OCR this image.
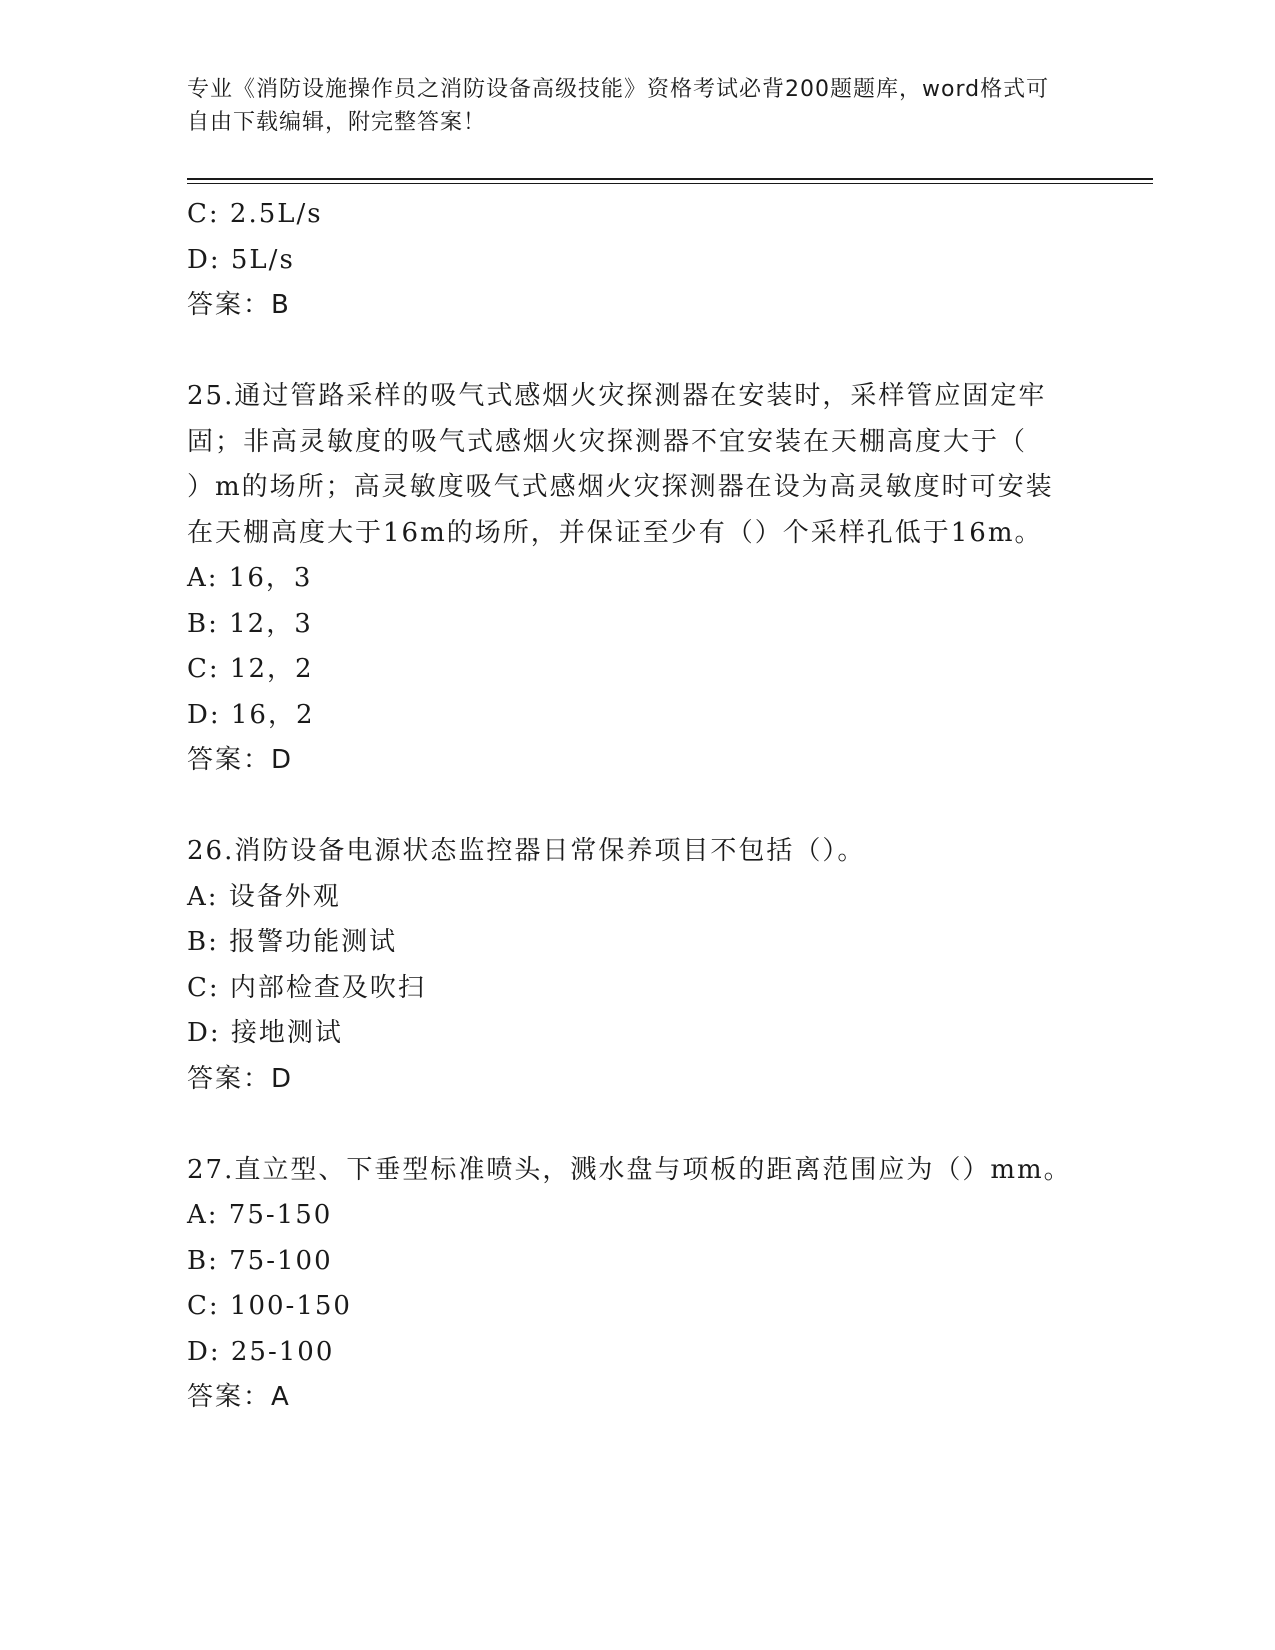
专业《消防设施操作员之消防设备高级技能》资格考试必背200题题库，word格式可自由下载编辑，附完整答案！
C: 2.5L/s
D: 5L/s
答案：B
25.通过管路采样的吸气式感烟火灾探测器在安装时，采样管应固定牢
固；非高灵敏度的吸气式感烟火灾探测器不宜安装在天棚高度大于（
）m的场所；高灵敏度吸气式感烟火灾探测器在设为高灵敏度时可安装
在天棚高度大于16m的场所，并保证至少有（）个采样孔低于16m。
A: 16，3
B: 12，3
C: 12，2
D: 16，2
答案：D
26.消防设备电源状态监控器日常保养项目不包括（）。
A: 设备外观
B: 报警功能测试
C: 内部检查及吹扫
D: 接地测试
答案：D
27.直立型、下垂型标准喷头，溅水盘与项板的距离范围应为（）mm。
A: 75-150
B: 75-100
C: 100-150
D: 25-100
答案：A
